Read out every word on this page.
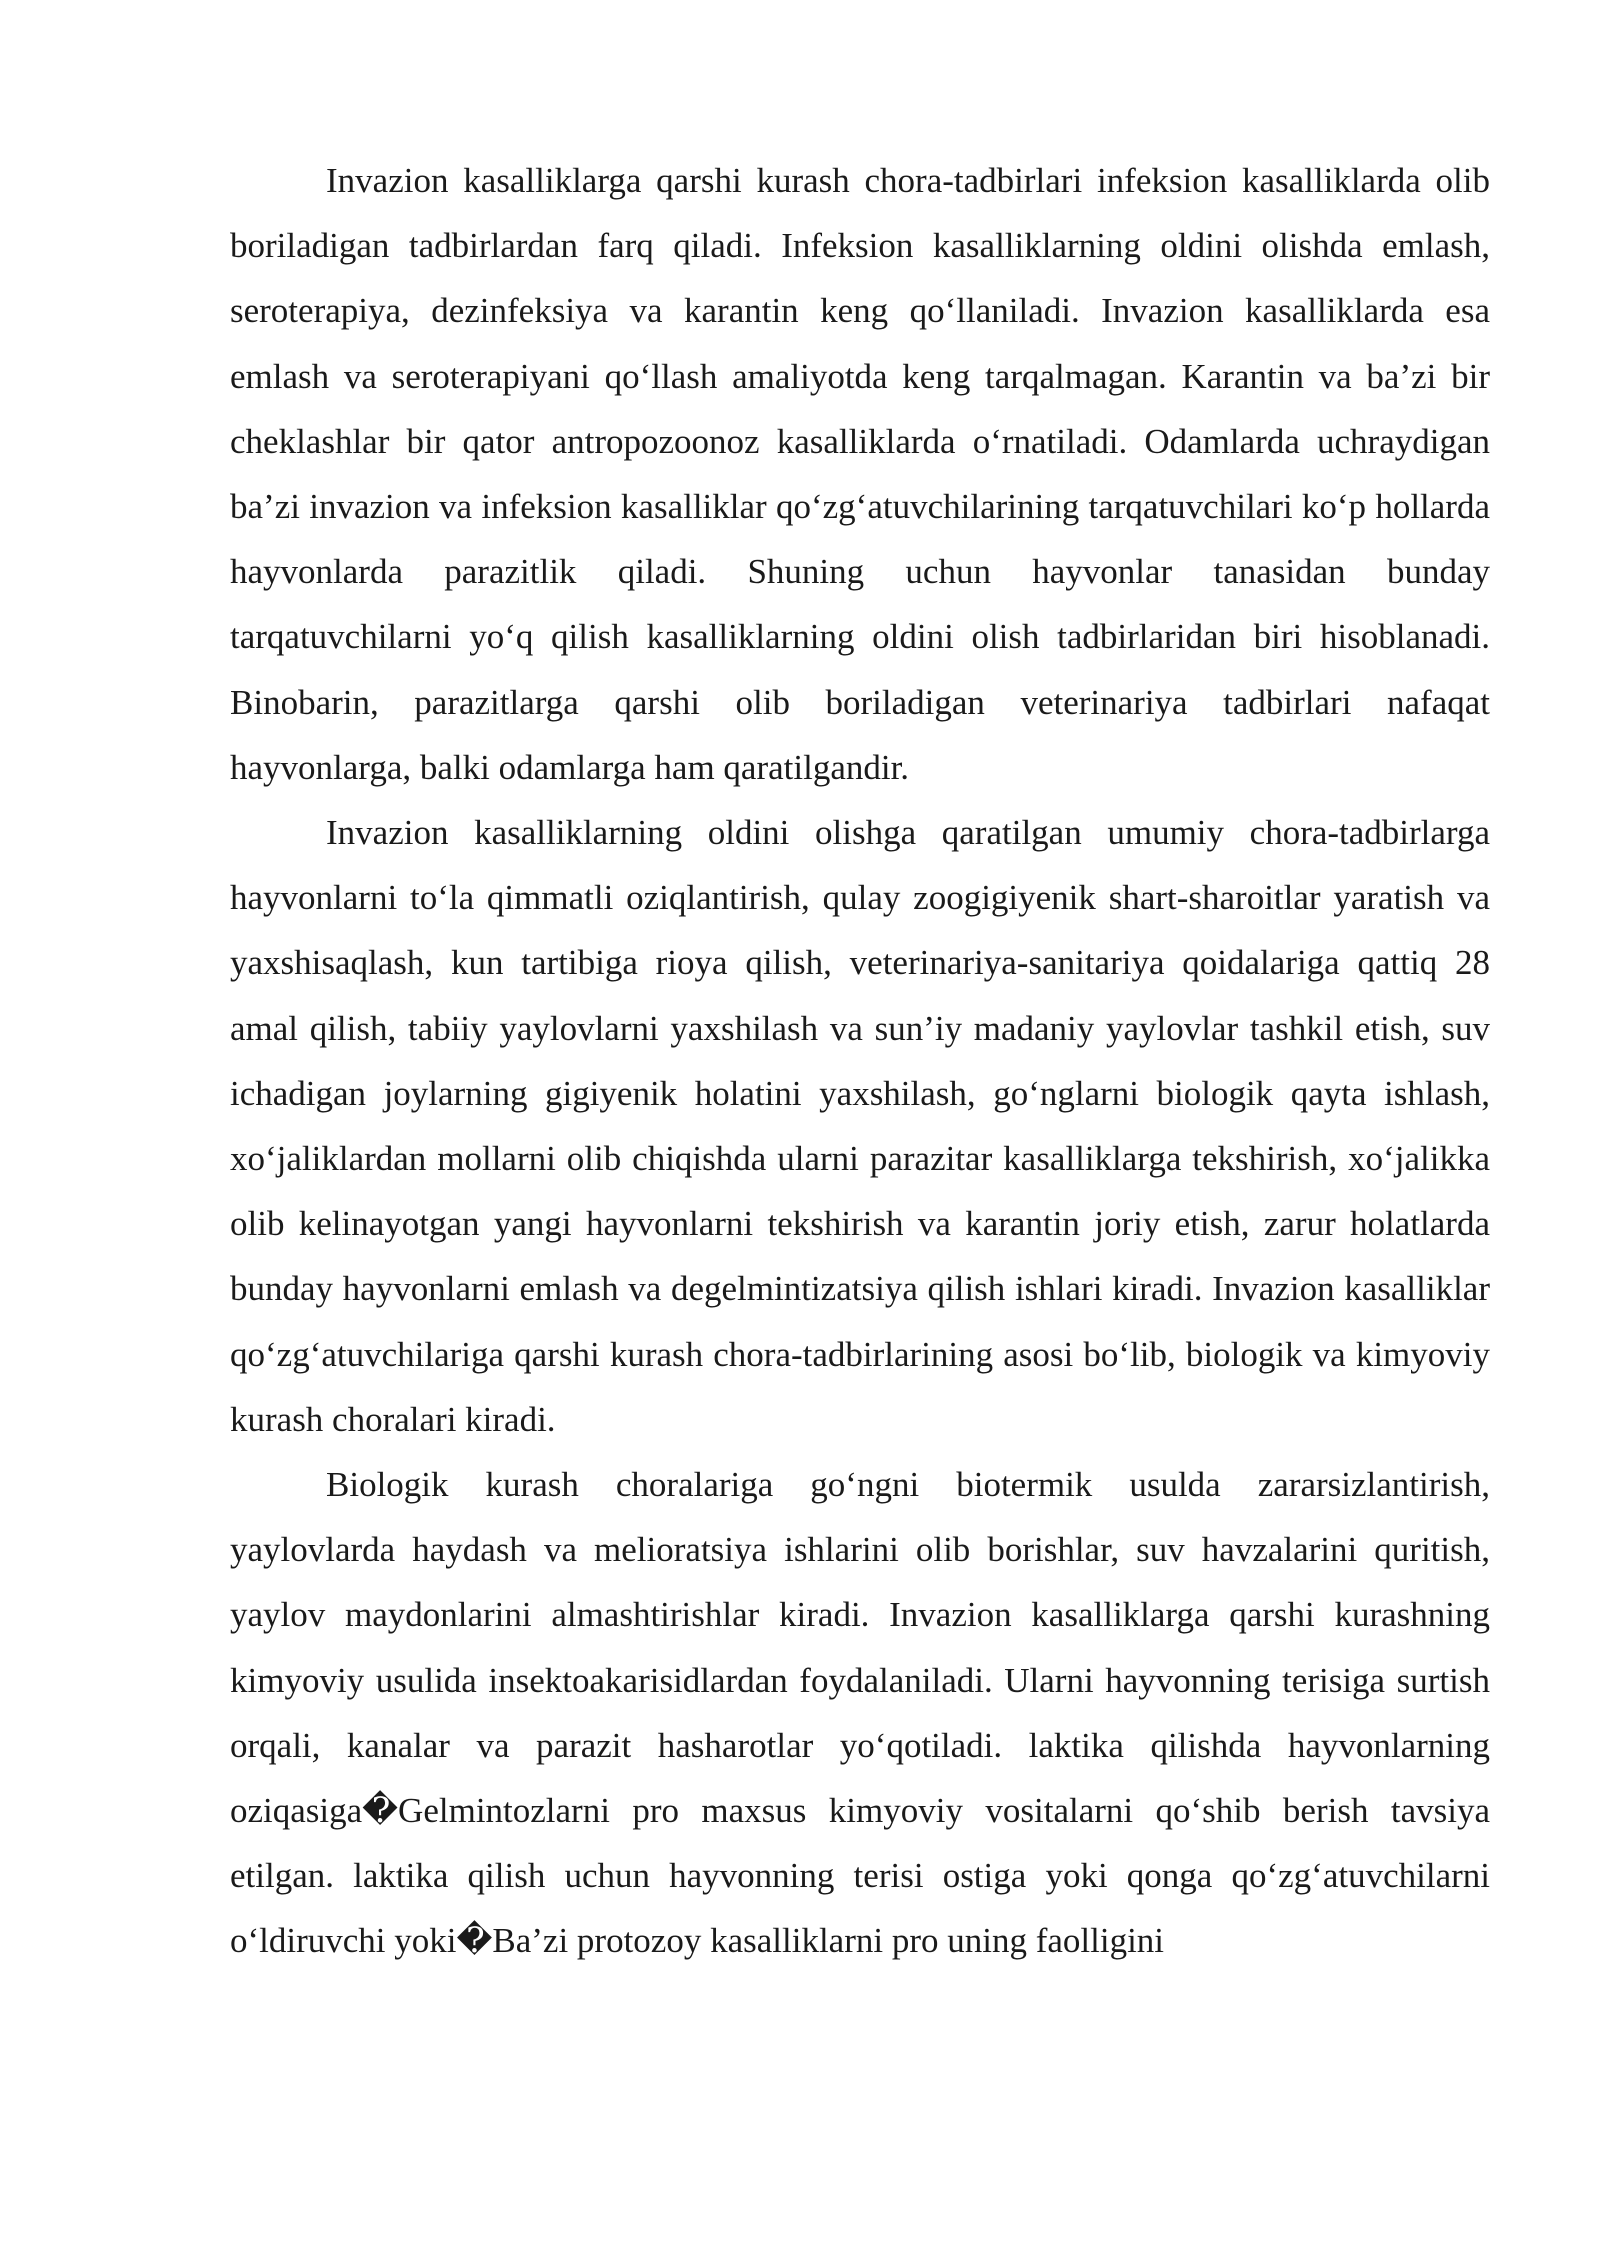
Invazion kasalliklarga qarshi kurash chora-tadbirlari infeksion kasalliklarda olib boriladigan tadbirlardan farq qiladi. Infeksion kasalliklarning oldini olishda emlash, seroterapiya, dezinfeksiya va karantin keng qo‘llaniladi. Invazion kasalliklarda esa emlash va seroterapiyani qo‘llash amaliyotda keng tarqalmagan. Karantin va ba’zi bir cheklashlar bir qator antropozoonoz kasalliklarda o‘rnatiladi. Odamlarda uchraydigan ba’zi invazion va infeksion kasalliklar qo‘zg‘atuvchilarining tarqatuvchilari ko‘p hollarda hayvonlarda parazitlik qiladi. Shuning uchun hayvonlar tanasidan bunday tarqatuvchilarni yo‘q qilish kasalliklarning oldini olish tadbirlaridan biri hisoblanadi. Binobarin, parazitlarga qarshi olib boriladigan veterinariya tadbirlari nafaqat hayvonlarga, balki odamlarga ham qaratilgandir.

Invazion kasalliklarning oldini olishga qaratilgan umumiy chora-tadbirlarga hayvonlarni to‘la qimmatli oziqlantirish, qulay zoogigiyenik shart-sharoitlar yaratish va yaxshisaqlash, kun tartibiga rioya qilish, veterinariya-sanitariya qoidalariga qattiq 28 amal qilish, tabiiy yaylovlarni yaxshilash va sun’iy madaniy yaylovlar tashkil etish, suv ichadigan joylarning gigiyenik holatini yaxshilash, go‘nglarni biologik qayta ishlash, xo‘jaliklardan mollarni olib chiqishda ularni parazitar kasalliklarga tekshirish, xo‘jalikka olib kelinayotgan yangi hayvonlarni tekshirish va karantin joriy etish, zarur holatlarda bunday hayvonlarni emlash va degelmintizatsiya qilish ishlari kiradi. Invazion kasalliklar qo‘zg‘atuvchilariga qarshi kurash chora-tadbirlarining asosi bo‘lib, biologik va kimyoviy kurash choralari kiradi.

Biologik kurash choralariga go‘ngni biotermik usulda zararsizlantirish, yaylovlarda haydash va melioratsiya ishlarini olib borishlar, suv havzalarini quritish, yaylov maydonlarini almashtirishlar kiradi. Invazion kasalliklarga qarshi kurashning kimyoviy usulida insektoakarisidlardan foydalaniladi. Ularni hayvonning terisiga surtish orqali, kanalar va parazit hasharotlar yo‘qotiladi. laktika qilishda hayvonlarning oziqasiga�Gelmintozlarni pro maxsus kimyoviy vositalarni qo‘shib berish tavsiya etilgan. laktika qilish uchun hayvonning terisi ostiga yoki qonga qo‘zg‘atuvchilarni o‘ldiruvchi yoki�Ba’zi protozoy kasalliklarni pro uning faolligini
